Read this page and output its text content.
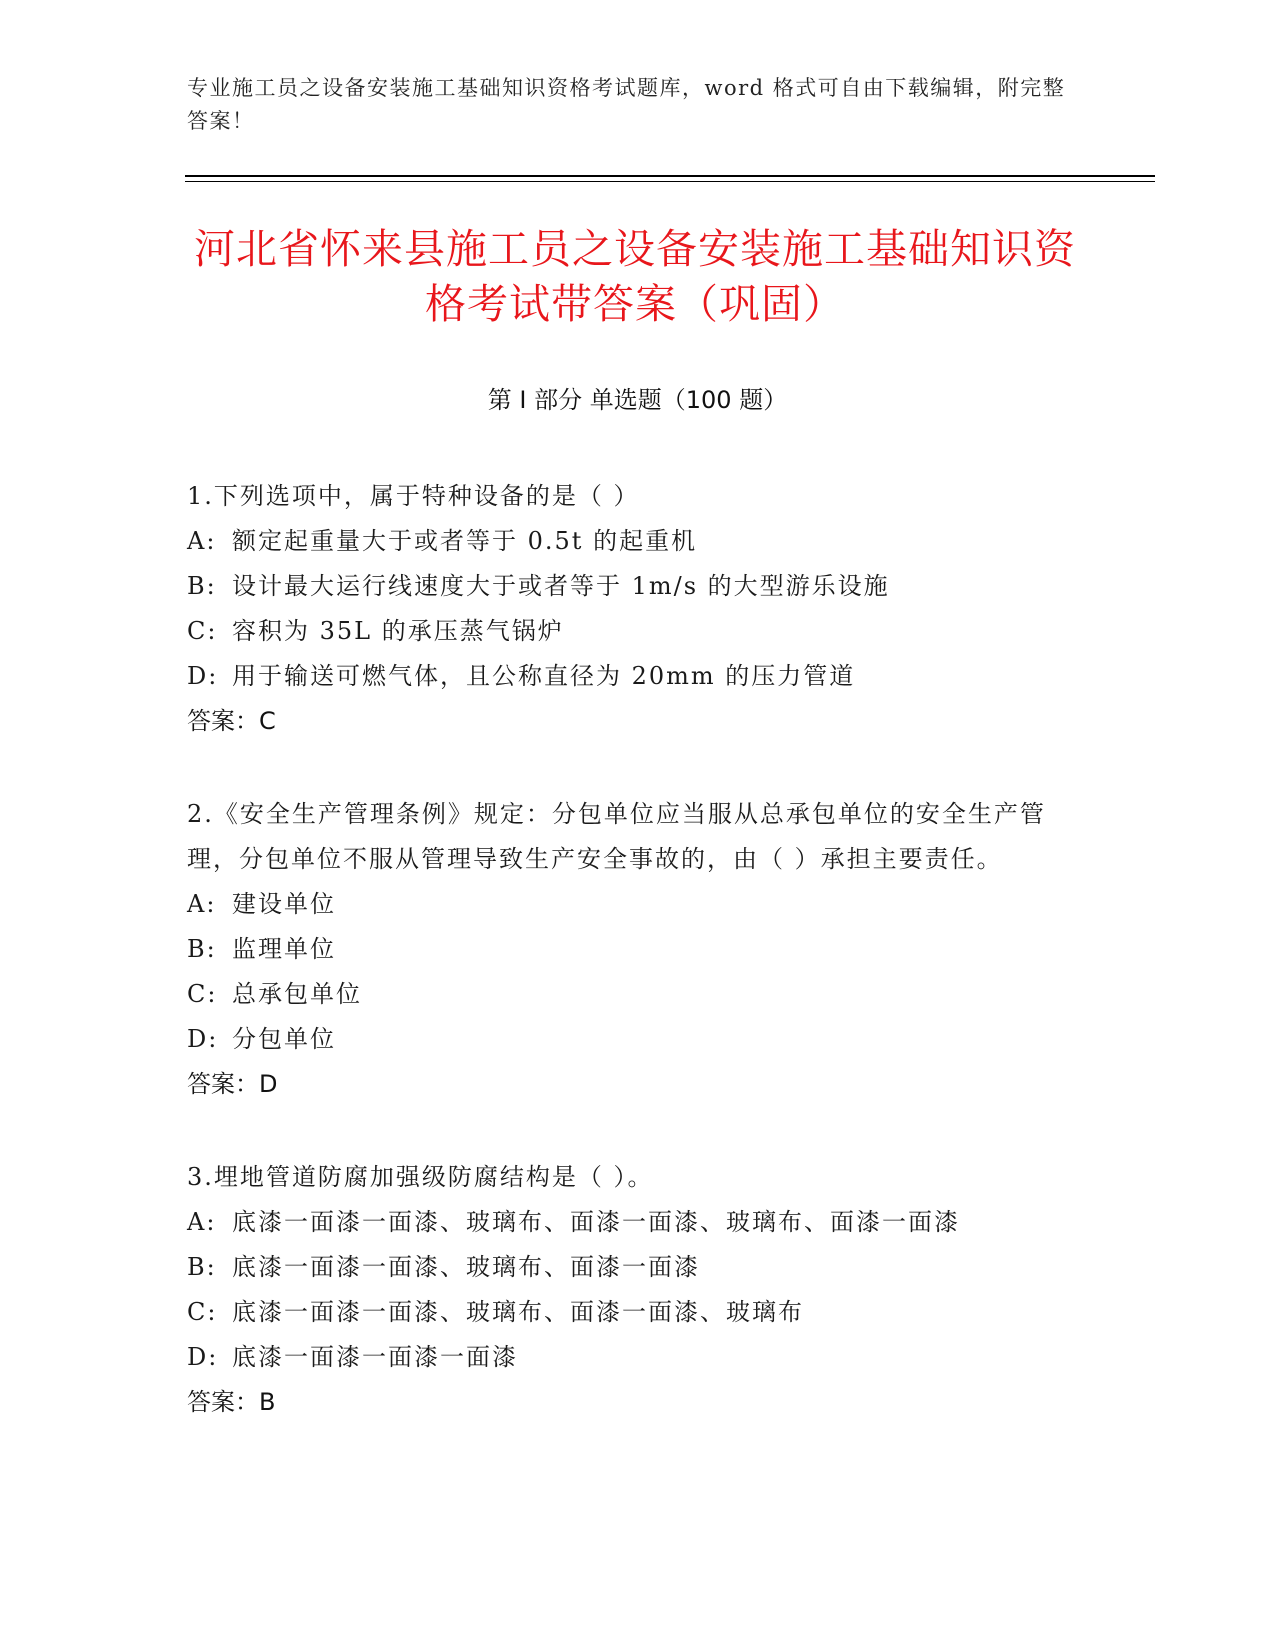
专业施工员之设备安装施工基础知识资格考试题库，word 格式可自由下载编辑，附完整答案！
河北省怀来县施工员之设备安装施工基础知识资格考试带答案（巩固）
第 I 部分 单选题（100 题）
1.下列选项中，属于特种设备的是（ ）
A: 额定起重量大于或者等于 0.5t 的起重机
B: 设计最大运行线速度大于或者等于 1m/s 的大型游乐设施
C: 容积为 35L 的承压蒸气锅炉
D: 用于输送可燃气体，且公称直径为 20mm 的压力管道
答案：C
2.《安全生产管理条例》规定：分包单位应当服从总承包单位的安全生产管理，分包单位不服从管理导致生产安全事故的，由（ ）承担主要责任。
A: 建设单位
B: 监理单位
C: 总承包单位
D: 分包单位
答案：D
3.埋地管道防腐加强级防腐结构是（ ）。
A: 底漆一面漆一面漆、玻璃布、面漆一面漆、玻璃布、面漆一面漆
B: 底漆一面漆一面漆、玻璃布、面漆一面漆
C: 底漆一面漆一面漆、玻璃布、面漆一面漆、玻璃布
D: 底漆一面漆一面漆一面漆
答案：B
